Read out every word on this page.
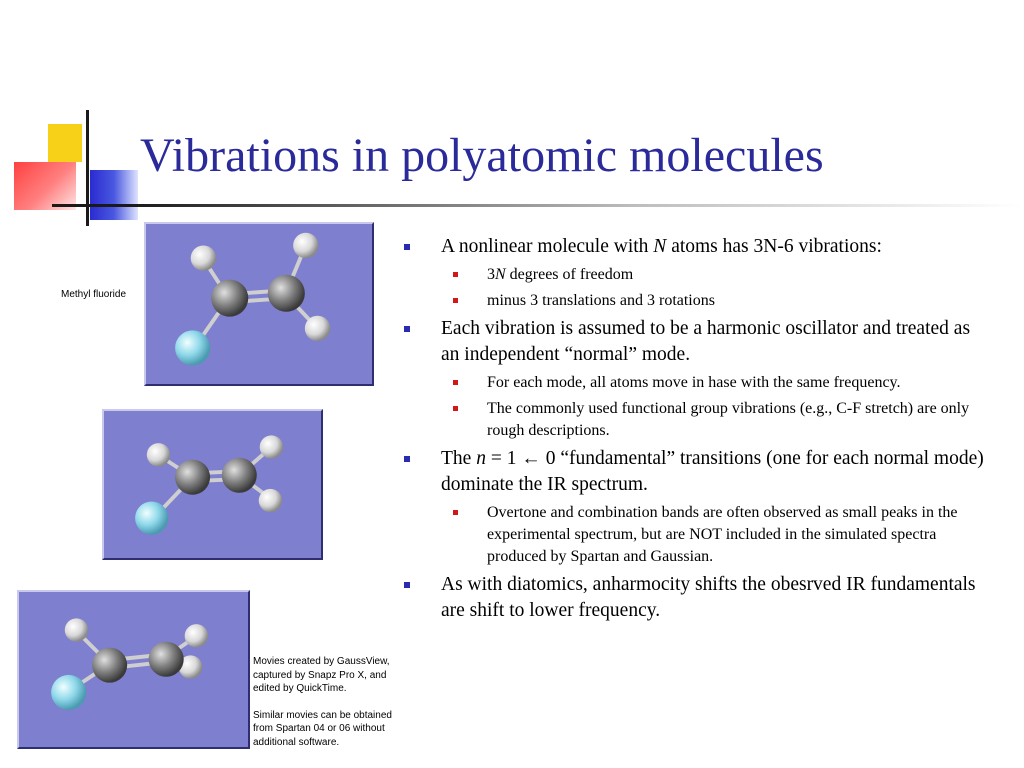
Vibrations in polyatomic molecules
Methyl fluoride

Movies created by GaussView, captured by Snapz Pro X, and edited by QuickTime.

Similar movies can be obtained from Spartan 04 or 06 without additional software.

A nonlinear molecule with N atoms has 3N-6 vibrations:
3N degrees of freedom
minus 3 translations and 3 rotations
Each vibration is assumed to be a harmonic oscillator and treated as an independent “normal” mode.
For each mode, all atoms move in hase with the same frequency.
The commonly used functional group vibrations (e.g., C-F stretch) are only rough descriptions.
The n = 1 ← 0 “fundamental” transitions (one for each normal mode) dominate the IR spectrum.
Overtone and combination bands are often observed as small peaks in the experimental spectrum, but are NOT included in the simulated spectra produced by Spartan and Gaussian.
As with diatomics, anharmocity shifts the obesrved IR fundamentals are shift to lower frequency.
